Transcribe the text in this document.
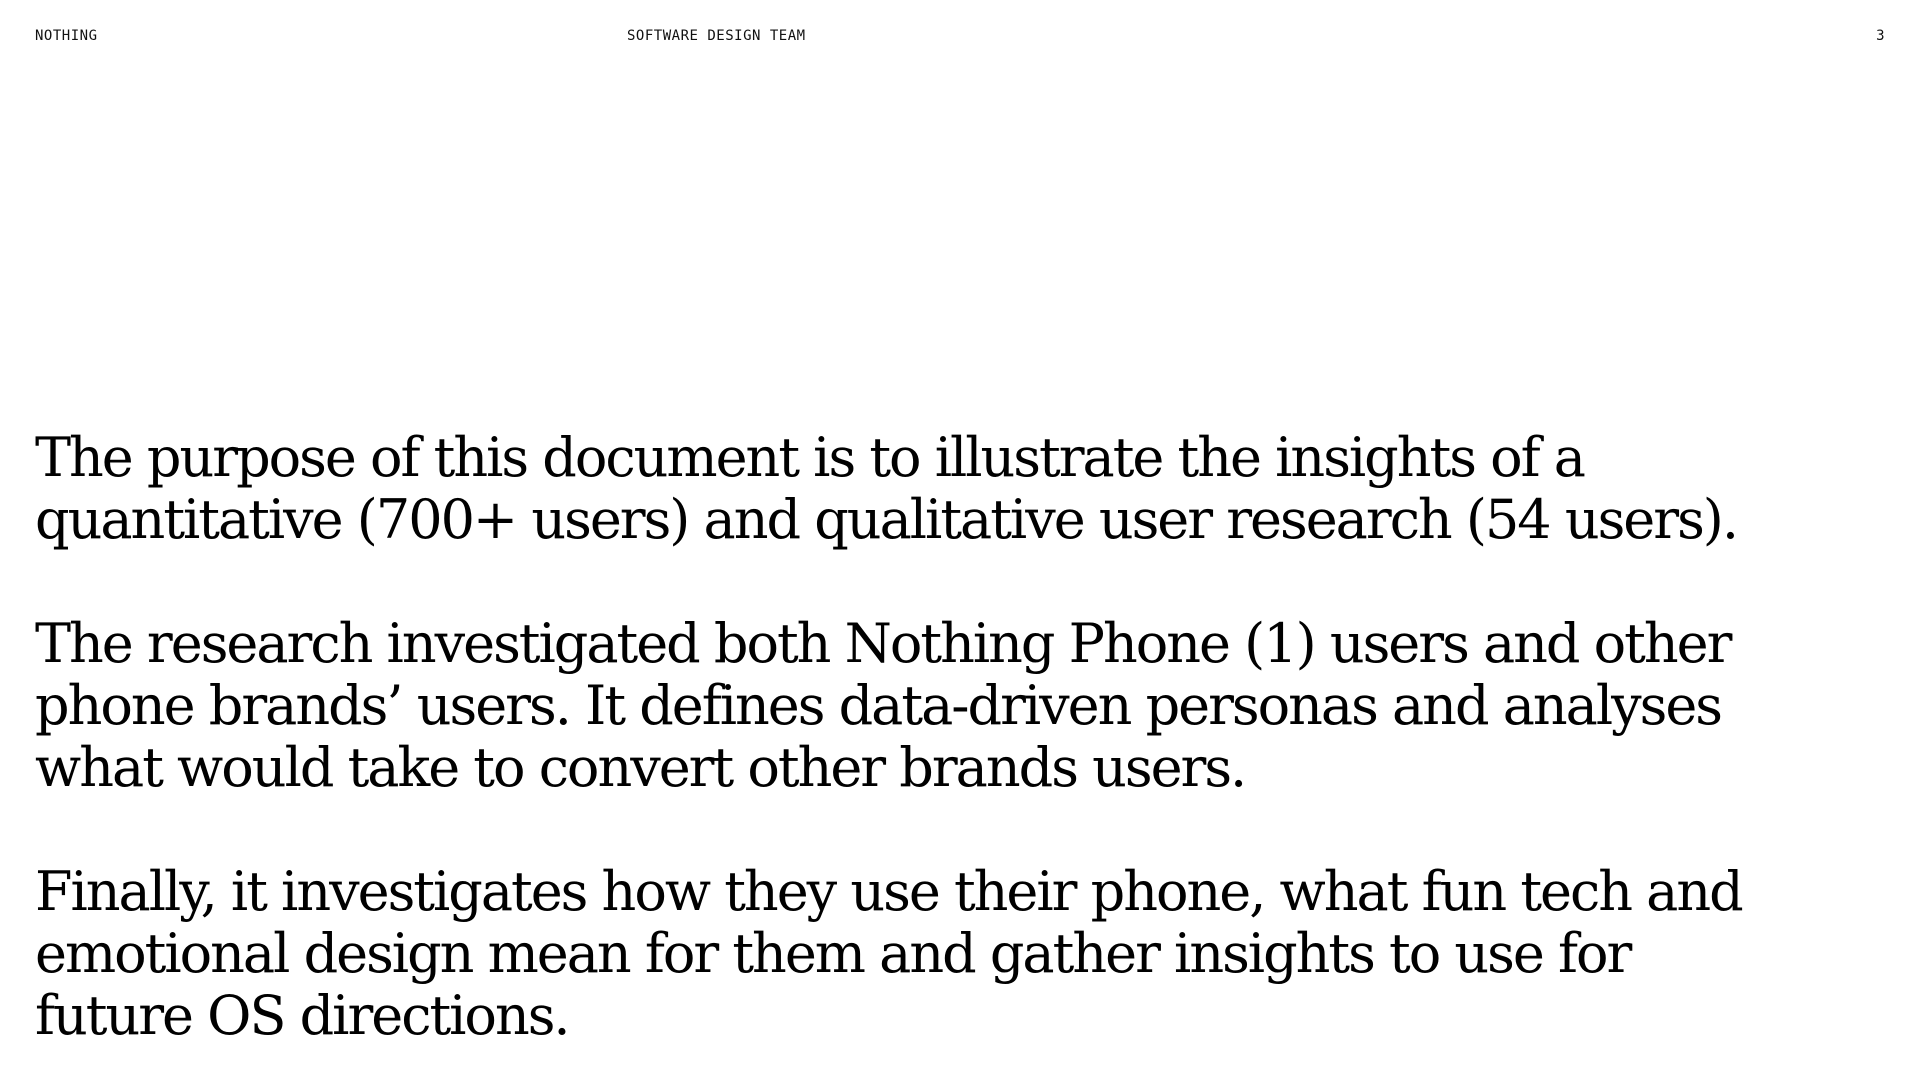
NOTHING	SOFTWARE DESIGN TEAM	3

The purpose of this document is to illustrate the insights of a quantitative (700+ users) and qualitative user research (54 users).

The research investigated both Nothing Phone (1) users and other phone brands’ users. It defines data-driven personas and analyses what would take to convert other brands users.

Finally, it investigates how they use their phone, what fun tech and emotional design mean for them and gather insights to use for future OS directions.
